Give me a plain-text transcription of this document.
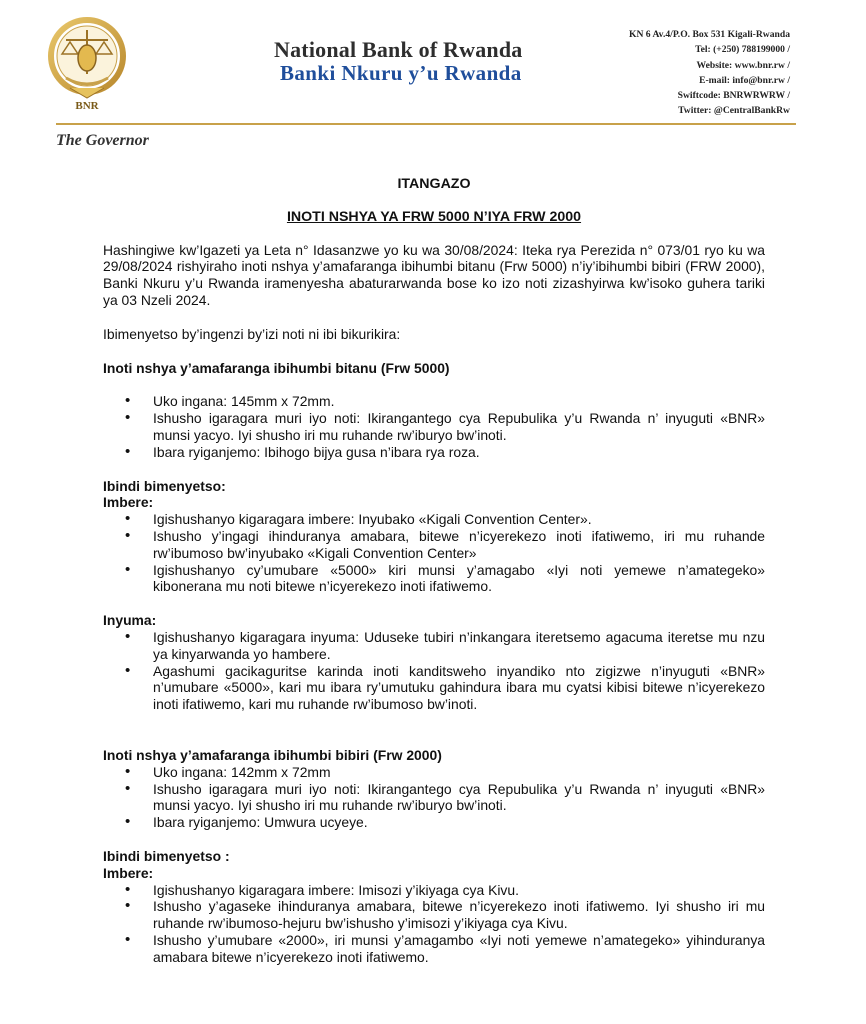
BNR
National Bank of Rwanda
Banki Nkuru y’u Rwanda
KN 6 Av.4/P.O. Box 531 Kigali-Rwanda
Tel: (+250) 788199000 /
Website: www.bnr.rw /
E-mail: info@bnr.rw /
Swiftcode: BNRWRWRW /
Twitter: @CentralBankRw
The Governor

ITANGAZO

INOTI NSHYA YA FRW 5000 N’IYA FRW 2000

Hashingiwe kw’Igazeti ya Leta n° Idasanzwe yo ku wa 30/08/2024: Iteka rya Perezida n° 073/01 ryo ku wa 29/08/2024 rishyiraho inoti nshya y’amafaranga ibihumbi bitanu (Frw 5000) n’iy’ibihumbi bibiri (FRW 2000), Banki Nkuru y’u Rwanda iramenyesha abaturarwanda bose ko izo noti zizashyirwa kw’isoko guhera tariki ya 03 Nzeli 2024.

Ibimenyetso by’ingenzi by’izi noti ni ibi bikurikira:

Inoti nshya y’amafaranga ibihumbi bitanu (Frw 5000)

• Uko ingana: 145mm x 72mm.
• Ishusho igaragara muri iyo noti: Ikirangantego cya Repubulika y’u Rwanda n’ inyuguti «BNR» munsi yacyo. Iyi shusho iri mu ruhande rw’iburyo bw’inoti.
• Ibara ryiganjemo: Ibihogo bijya gusa n’ibara rya roza.

Ibindi bimenyetso:

Imbere:

• Igishushanyo kigaragara imbere: Inyubako «Kigali Convention Center».
• Ishusho y’ingagi ihinduranya amabara, bitewe n’icyerekezo inoti ifatiwemo, iri mu ruhande rw’ibumoso bw’inyubako «Kigali Convention Center»
• Igishushanyo cy’umubare «5000» kiri munsi y’amagabo «Iyi noti yemewe n’amategeko» kibonerana mu noti bitewe n’icyerekezo inoti ifatiwemo.

Inyuma:

• Igishushanyo kigaragara inyuma: Uduseke tubiri n’inkangara iteretsemo agacuma iteretse mu nzu ya kinyarwanda yo hambere.
• Agashumi gacikaguritse karinda inoti kanditsweho inyandiko nto zigizwe n’inyuguti «BNR» n’umubare «5000», kari mu ibara ry’umutuku gahindura ibara mu cyatsi kibisi bitewe n’icyerekezo inoti ifatiwemo, kari mu ruhande rw’ibumoso bw’inoti.

Inoti nshya y’amafaranga ibihumbi bibiri (Frw 2000)

• Uko ingana: 142mm x 72mm
• Ishusho igaragara muri iyo noti: Ikirangantego cya Repubulika y’u Rwanda n’ inyuguti «BNR» munsi yacyo. Iyi shusho iri mu ruhande rw’iburyo bw’inoti.
• Ibara ryiganjemo: Umwura ucyeye.

Ibindi bimenyetso :

Imbere:

• Igishushanyo kigaragara imbere: Imisozi y’ikiyaga cya Kivu.
• Ishusho y’agaseke ihinduranya amabara, bitewe n’icyerekezo inoti ifatiwemo. Iyi shusho iri mu ruhande rw’ibumoso-hejuru bw’ishusho y’imisozi y’ikiyaga cya Kivu.
• Ishusho y’umubare «2000», iri munsi y’amagambo «Iyi noti yemewe n’amategeko» yihinduranya amabara bitewe n’icyerekezo inoti ifatiwemo.
